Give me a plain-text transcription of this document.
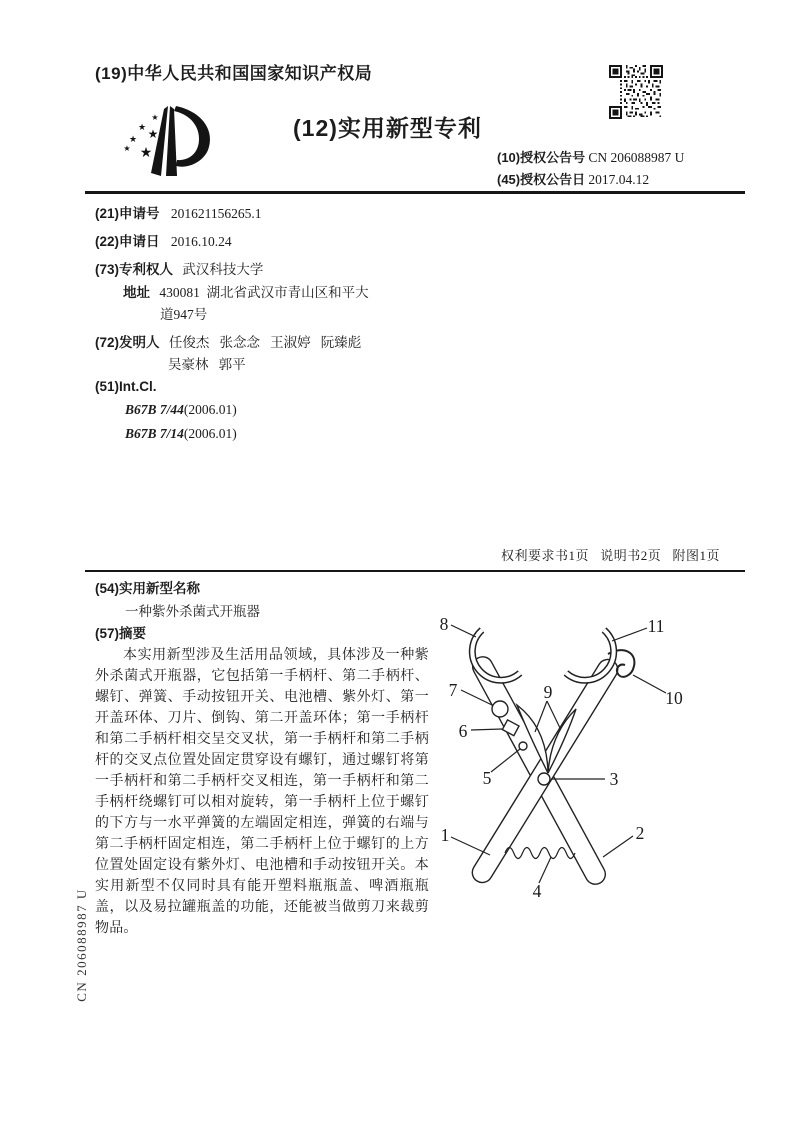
(19)中华人民共和国国家知识产权局
★
★ ★
★
★ ★
(12)实用新型专利
(10)授权公告号 CN 206088987 U
(45)授权公告日 2017.04.12
(21)申请号 201621156265.1
(22)申请日 2016.10.24
(73)专利权人 武汉科技大学
地址 430081  湖北省武汉市青山区和平大
道947号
(72)发明人 任俊杰   张念念   王淑婷   阮臻彪
吴豪林   郭平
(51)Int.Cl.
B67B 7/44(2006.01)
B67B 7/14(2006.01)
权利要求书1页   说明书2页   附图1页
(54)实用新型名称
一种紫外杀菌式开瓶器
(57)摘要
本实用新型涉及生活用品领域，具体涉及一种紫外杀菌式开瓶器，它包括第一手柄杆、第二手柄杆、螺钉、弹簧、手动按钮开关、电池槽、紫外灯、第一开盖环体、刀片、倒钩、第二开盖环体；第一手柄杆和第二手柄杆相交呈交叉状，第一手柄杆和第二手柄杆的交叉点位置处固定贯穿设有螺钉，通过螺钉将第一手柄杆和第二手柄杆交叉相连，第一手柄杆和第二手柄杆绕螺钉可以相对旋转，第一手柄杆上位于螺钉的下方与一水平弹簧的左端固定相连，弹簧的右端与第二手柄杆固定相连，第二手柄杆上位于螺钉的上方位置处固定设有紫外灯、电池槽和手动按钮开关。本实用新型不仅同时具有能开塑料瓶瓶盖、啤酒瓶瓶盖，以及易拉罐瓶盖的功能，还能被当做剪刀来裁剪物品。
1	2
3
4
5
6
7
8
9	10
11
CN 206088987 U
